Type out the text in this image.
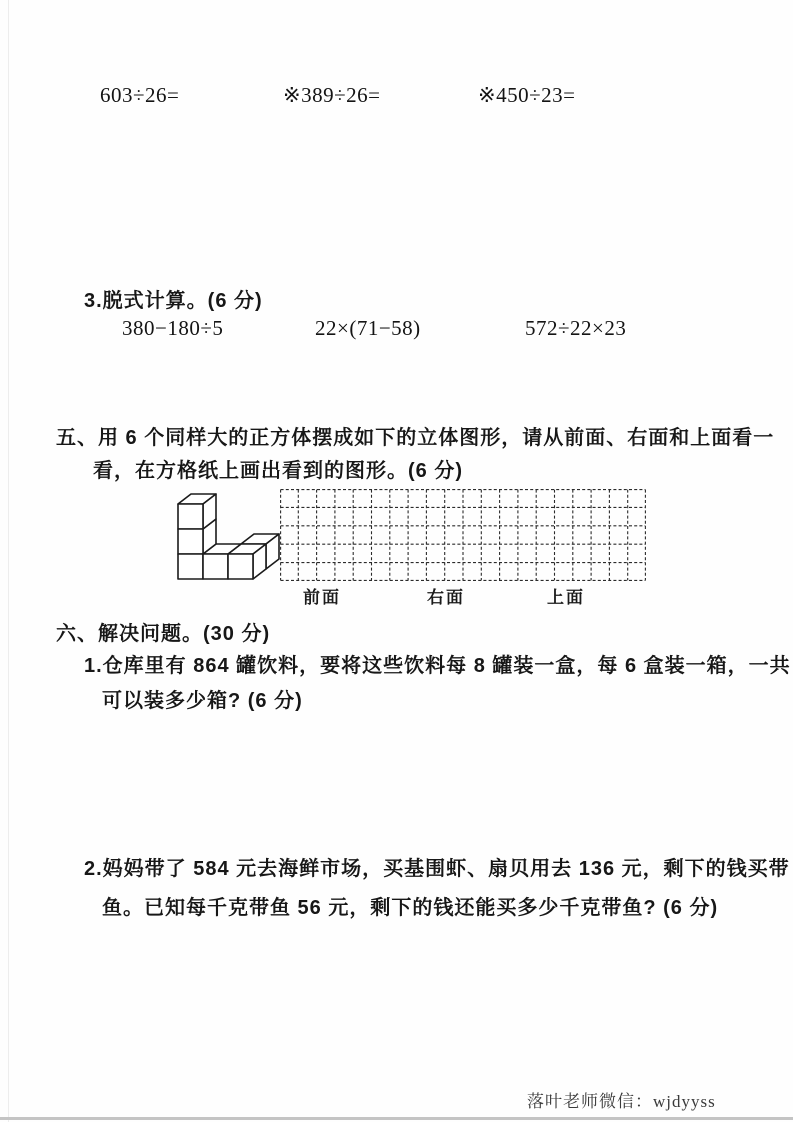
603÷26=	※389÷26=	※450÷23=
3.脱式计算。(6 分)
380−180÷5	22×(71−58)	572÷22×23
五、用 6 个同样大的正方体摆成如下的立体图形，请从前面、右面和上面看一
看，在方格纸上画出看到的图形。(6 分)
前面	右面	上面
六、解决问题。(30 分)
1.仓库里有 864 罐饮料，要将这些饮料每 8 罐装一盒，每 6 盒装一箱，一共
可以装多少箱? (6 分)
2.妈妈带了 584 元去海鲜市场，买基围虾、扇贝用去 136 元，剩下的钱买带
鱼。已知每千克带鱼 56 元，剩下的钱还能买多少千克带鱼? (6 分)
落叶老师微信：wjdyyss
